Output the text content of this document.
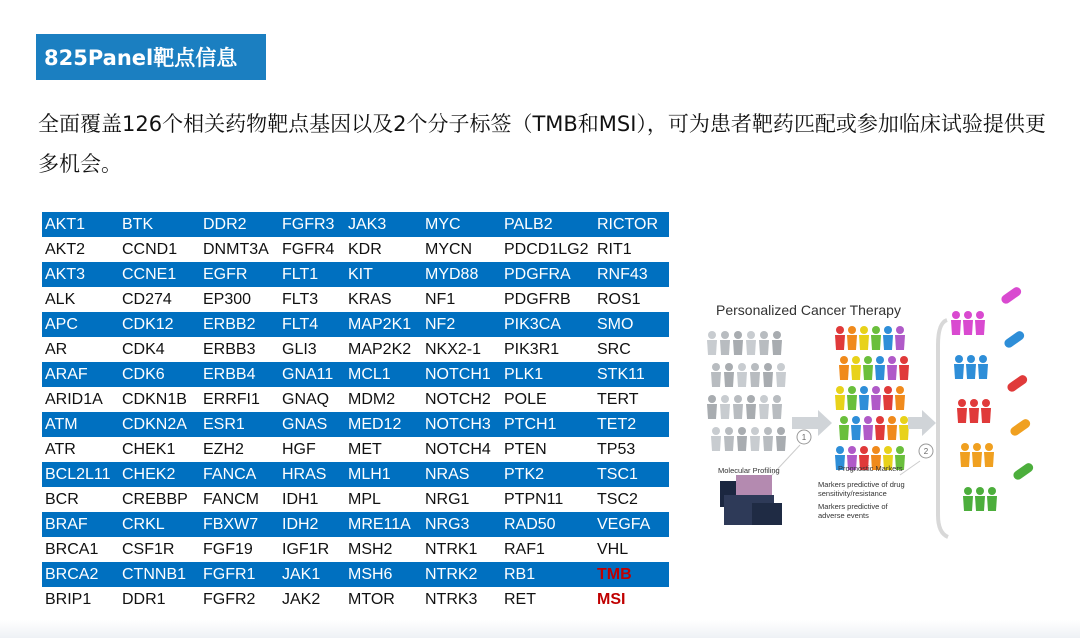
825Panel靶点信息
全面覆盖126个相关药物靶点基因以及2个分子标签（TMB和MSI），可为患者靶药匹配或参加临床试验提供更多机会。
AKT1	BTK	DDR2	FGFR3	JAK3	MYC	PALB2	RICTOR
AKT2	CCND1	DNMT3A	FGFR4	KDR	MYCN	PDCD1LG2	RIT1
AKT3	CCNE1	EGFR	FLT1	KIT	MYD88	PDGFRA	RNF43
ALK	CD274	EP300	FLT3	KRAS	NF1	PDGFRB	ROS1
APC	CDK12	ERBB2	FLT4	MAP2K1	NF2	PIK3CA	SMO
AR	CDK4	ERBB3	GLI3	MAP2K2	NKX2-1	PIK3R1	SRC
ARAF	CDK6	ERBB4	GNA11	MCL1	NOTCH1	PLK1	STK11
ARID1A	CDKN1B	ERRFI1	GNAQ	MDM2	NOTCH2	POLE	TERT
ATM	CDKN2A	ESR1	GNAS	MED12	NOTCH3	PTCH1	TET2
ATR	CHEK1	EZH2	HGF	MET	NOTCH4	PTEN	TP53
BCL2L11	CHEK2	FANCA	HRAS	MLH1	NRAS	PTK2	TSC1
BCR	CREBBP	FANCM	IDH1	MPL	NRG1	PTPN11	TSC2
BRAF	CRKL	FBXW7	IDH2	MRE11A	NRG3	RAD50	VEGFA
BRCA1	CSF1R	FGF19	IGF1R	MSH2	NTRK1	RAF1	VHL
BRCA2	CTNNB1	FGFR1	JAK1	MSH6	NTRK2	RB1	TMB
BRIP1	DDR1	FGFR2	JAK2	MTOR	NTRK3	RET	MSI
1
2
Personalized Cancer Therapy
Molecular Profiling	Prognostic Markers
Markers predictive of drug
sensitivity/resistance
Markers predictive of
adverse events
